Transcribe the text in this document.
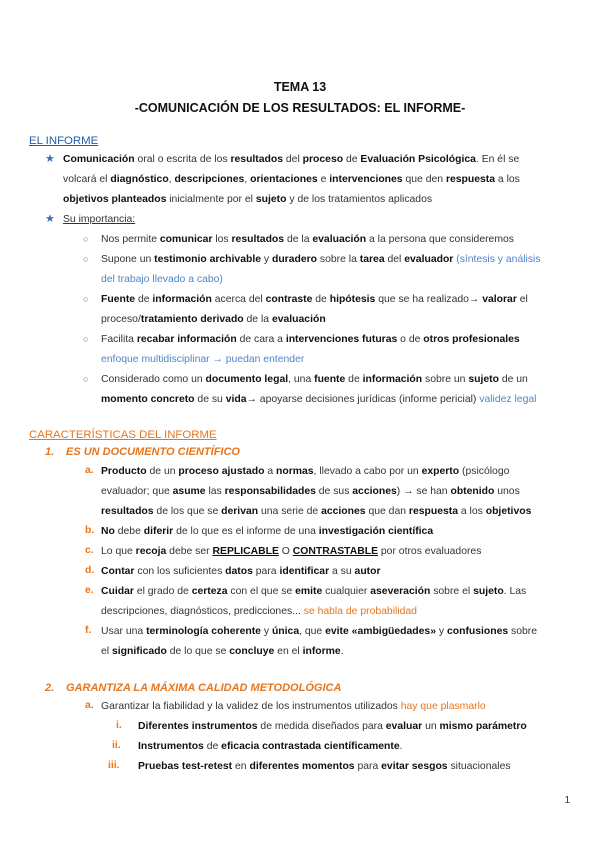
TEMA 13
-COMUNICACIÓN DE LOS RESULTADOS: EL INFORME-
EL INFORME
★ Comunicación oral o escrita de los resultados del proceso de Evaluación Psicológica. En él se
volcará el diagnóstico, descripciones, orientaciones e intervenciones que den respuesta a los
objetivos planteados inicialmente por el sujeto y de los tratamientos aplicados
★ Su importancia:
○ Nos permite comunicar los resultados de la evaluación a la persona que consideremos
○ Supone un testimonio archivable y duradero sobre la tarea del evaluador (síntesis y análisis
del trabajo llevado a cabo)
○ Fuente de información acerca del contraste de hipótesis que se ha realizado→ valorar el
proceso/tratamiento derivado de la evaluación
○ Facilita recabar información de cara a intervenciones futuras o de otros profesionales
enfoque multidisciplinar → puedan entender
○ Considerado como un documento legal, una fuente de información sobre un sujeto de un
momento concreto de su vida→ apoyarse decisiones jurídicas (informe pericial) validez legal
CARACTERÍSTICAS DEL INFORME
1. ES UN DOCUMENTO CIENTÍFICO
a. Producto de un proceso ajustado a normas, llevado a cabo por un experto (psicólogo
evaluador; que asume las responsabilidades de sus acciones) → se han obtenido unos
resultados de los que se derivan una serie de acciones que dan respuesta a los objetivos
b. No debe diferir de lo que es el informe de una investigación científica
c. Lo que recoja debe ser REPLICABLE O CONTRASTABLE por otros evaluadores
d. Contar con los suficientes datos para identificar a su autor
e. Cuidar el grado de certeza con el que se emite cualquier aseveración sobre el sujeto. Las
descripciones, diagnósticos, predicciones... se habla de probabilidad
f. Usar una terminología coherente y única, que evite «ambigüedades» y confusiones sobre
el significado de lo que se concluye en el informe.
2. GARANTIZA LA MÁXIMA CALIDAD METODOLÓGICA
a. Garantizar la fiabilidad y la validez de los instrumentos utilizados hay que plasmarlo
i. Diferentes instrumentos de medida diseñados para evaluar un mismo parámetro
ii. Instrumentos de eficacia contrastada científicamente.
iii. Pruebas test-retest en diferentes momentos para evitar sesgos situacionales
1
